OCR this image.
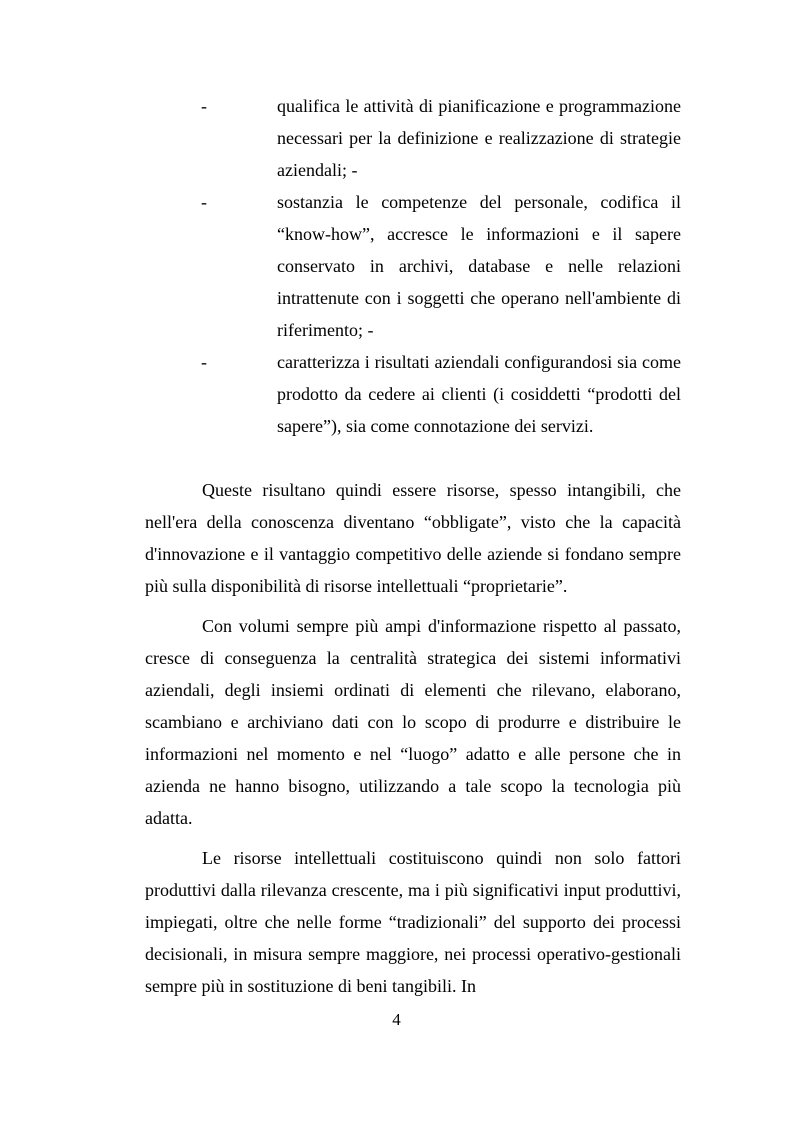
-	qualifica le attività di pianificazione e programmazione necessari per la definizione e realizzazione di strategie aziendali; -
-	sostanzia le competenze del personale, codifica il “know-how”, accresce le informazioni e il sapere conservato in archivi, database e nelle relazioni intrattenute con i soggetti che operano nell'ambiente di riferimento; -
-	caratterizza i risultati aziendali configurandosi sia come prodotto da cedere ai clienti (i cosiddetti “prodotti del sapere”), sia come connotazione dei servizi.

Queste risultano quindi essere risorse, spesso intangibili, che nell'era della conoscenza diventano “obbligate”, visto che la capacità d'innovazione e il vantaggio competitivo delle aziende si fondano sempre più sulla disponibilità di risorse intellettuali “proprietarie”.

Con volumi sempre più ampi d'informazione rispetto al passato, cresce di conseguenza la centralità strategica dei sistemi informativi aziendali, degli insiemi ordinati di elementi che rilevano, elaborano, scambiano e archiviano dati con lo scopo di produrre e distribuire le informazioni nel momento e nel “luogo” adatto e alle persone che in azienda ne hanno bisogno, utilizzando a tale scopo la tecnologia più adatta.

Le risorse intellettuali costituiscono quindi non solo fattori produttivi dalla rilevanza crescente, ma i più significativi input produttivi, impiegati, oltre che nelle forme “tradizionali” del supporto dei processi decisionali, in misura sempre maggiore, nei processi operativo-gestionali sempre più in sostituzione di beni tangibili. In

4
